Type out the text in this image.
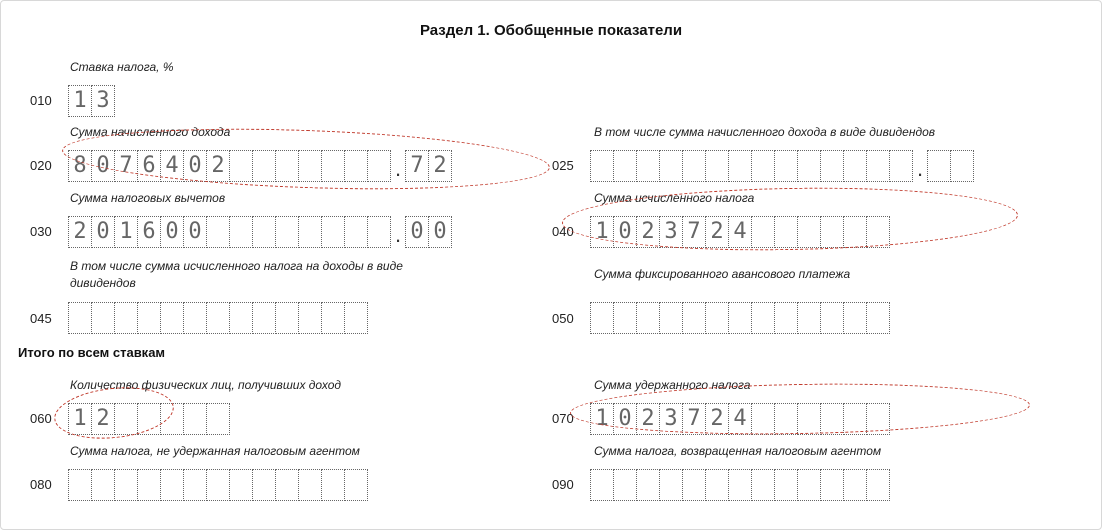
Раздел 1. Обобщенные показатели
Ставка налога, %
010 1 3
Сумма начисленного дохода
020 8 0 7 6 4 0 2	. 7 2
В том числе сумма начисленного дохода в виде дивидендов
025	.
Сумма налоговых вычетов
030 2 0 1 6 0 0	. 0 0
Сумма исчисленного налога
040 1 0 2 3 7 2 4
В том числе сумма исчисленного налога на доходы в виде
дивидендов
045
Сумма фиксированного авансового платежа
050
Итого по всем ставкам
Количество физических лиц, получивших доход
060 1 2
Сумма удержанного налога
070 1 0 2 3 7 2 4
Сумма налога, не удержанная налоговым агентом
080
Сумма налога, возвращенная налоговым агентом
090
